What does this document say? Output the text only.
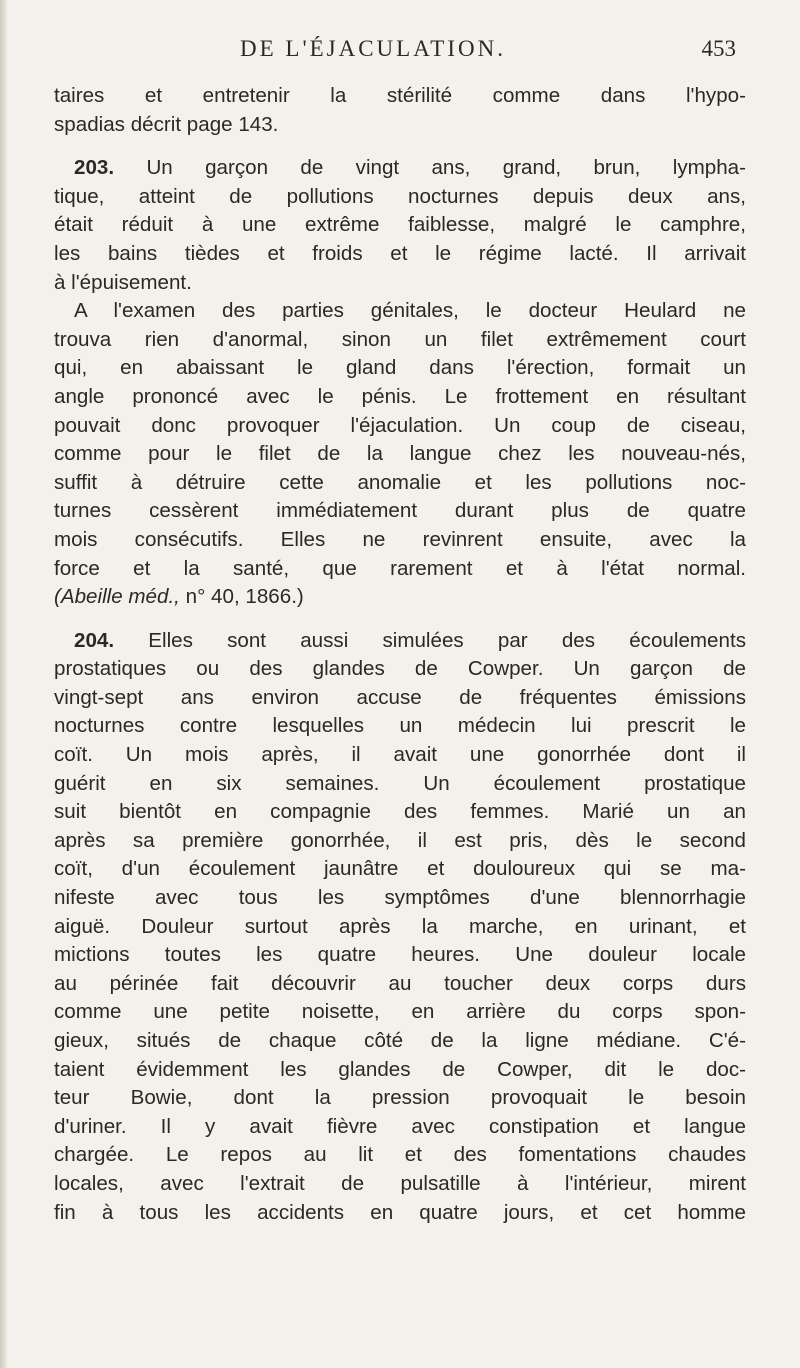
DE L'ÉJACULATION.	453
taires et entretenir la stérilité comme dans l'hypo-
spadias décrit page 143.
203. Un garçon de vingt ans, grand, brun, lympha-
tique, atteint de pollutions nocturnes depuis deux ans,
était réduit à une extrême faiblesse, malgré le camphre,
les bains tièdes et froids et le régime lacté. Il arrivait
à l'épuisement.
A l'examen des parties génitales, le docteur Heulard ne
trouva rien d'anormal, sinon un filet extrêmement court
qui, en abaissant le gland dans l'érection, formait un
angle prononcé avec le pénis. Le frottement en résultant
pouvait donc provoquer l'éjaculation. Un coup de ciseau,
comme pour le filet de la langue chez les nouveau-nés,
suffit à détruire cette anomalie et les pollutions noc-
turnes cessèrent immédiatement durant plus de quatre
mois consécutifs. Elles ne revinrent ensuite, avec la
force et la santé, que rarement et à l'état normal.
(Abeille méd., n° 40, 1866.)
204. Elles sont aussi simulées par des écoulements
prostatiques ou des glandes de Cowper. Un garçon de
vingt-sept ans environ accuse de fréquentes émissions
nocturnes contre lesquelles un médecin lui prescrit le
coït. Un mois après, il avait une gonorrhée dont il
guérit en six semaines. Un écoulement prostatique
suit bientôt en compagnie des femmes. Marié un an
après sa première gonorrhée, il est pris, dès le second
coït, d'un écoulement jaunâtre et douloureux qui se ma-
nifeste avec tous les symptômes d'une blennorrhagie
aiguë. Douleur surtout après la marche, en urinant, et
mictions toutes les quatre heures. Une douleur locale
au périnée fait découvrir au toucher deux corps durs
comme une petite noisette, en arrière du corps spon-
gieux, situés de chaque côté de la ligne médiane. C'é-
taient évidemment les glandes de Cowper, dit le doc-
teur Bowie, dont la pression provoquait le besoin
d'uriner. Il y avait fièvre avec constipation et langue
chargée. Le repos au lit et des fomentations chaudes
locales, avec l'extrait de pulsatille à l'intérieur, mirent
fin à tous les accidents en quatre jours, et cet homme
